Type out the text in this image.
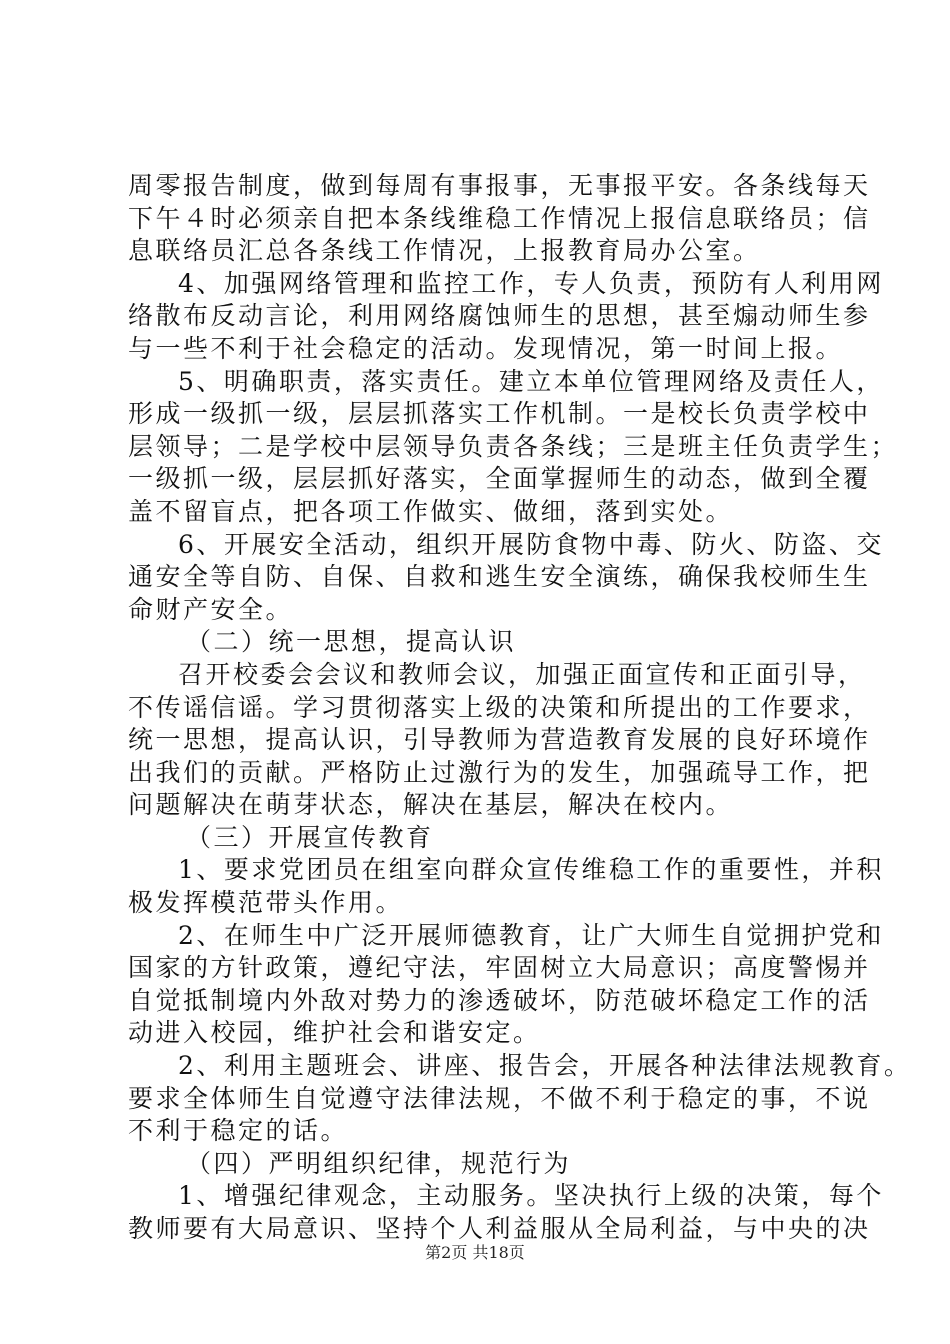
周零报告制度，做到每周有事报事，无事报平安。各条线每天
下午４时必须亲自把本条线维稳工作情况上报信息联络员；信
息联络员汇总各条线工作情况，上报教育局办公室。
4、加强网络管理和监控工作，专人负责，预防有人利用网
络散布反动言论，利用网络腐蚀师生的思想，甚至煽动师生参
与一些不利于社会稳定的活动。发现情况，第一时间上报。
5、明确职责，落实责任。建立本单位管理网络及责任人，
形成一级抓一级，层层抓落实工作机制。一是校长负责学校中
层领导；二是学校中层领导负责各条线；三是班主任负责学生；
一级抓一级，层层抓好落实，全面掌握师生的动态，做到全覆
盖不留盲点，把各项工作做实、做细，落到实处。
6、开展安全活动，组织开展防食物中毒、防火、防盗、交
通安全等自防、自保、自救和逃生安全演练，确保我校师生生
命财产安全。
（二）统一思想，提高认识
召开校委会会议和教师会议，加强正面宣传和正面引导，
不传谣信谣。学习贯彻落实上级的决策和所提出的工作要求，
统一思想，提高认识，引导教师为营造教育发展的良好环境作
出我们的贡献。严格防止过激行为的发生，加强疏导工作，把
问题解决在萌芽状态，解决在基层，解决在校内。
（三）开展宣传教育
1、要求党团员在组室向群众宣传维稳工作的重要性，并积
极发挥模范带头作用。
2、在师生中广泛开展师德教育，让广大师生自觉拥护党和
国家的方针政策，遵纪守法，牢固树立大局意识；高度警惕并
自觉抵制境内外敌对势力的渗透破坏，防范破坏稳定工作的活
动进入校园，维护社会和谐安定。
2、利用主题班会、讲座、报告会，开展各种法律法规教育。
要求全体师生自觉遵守法律法规，不做不利于稳定的事，不说
不利于稳定的话。
（四）严明组织纪律，规范行为
1、增强纪律观念，主动服务。坚决执行上级的决策，每个
教师要有大局意识、坚持个人利益服从全局利益，与中央的决
第2页 共18页
